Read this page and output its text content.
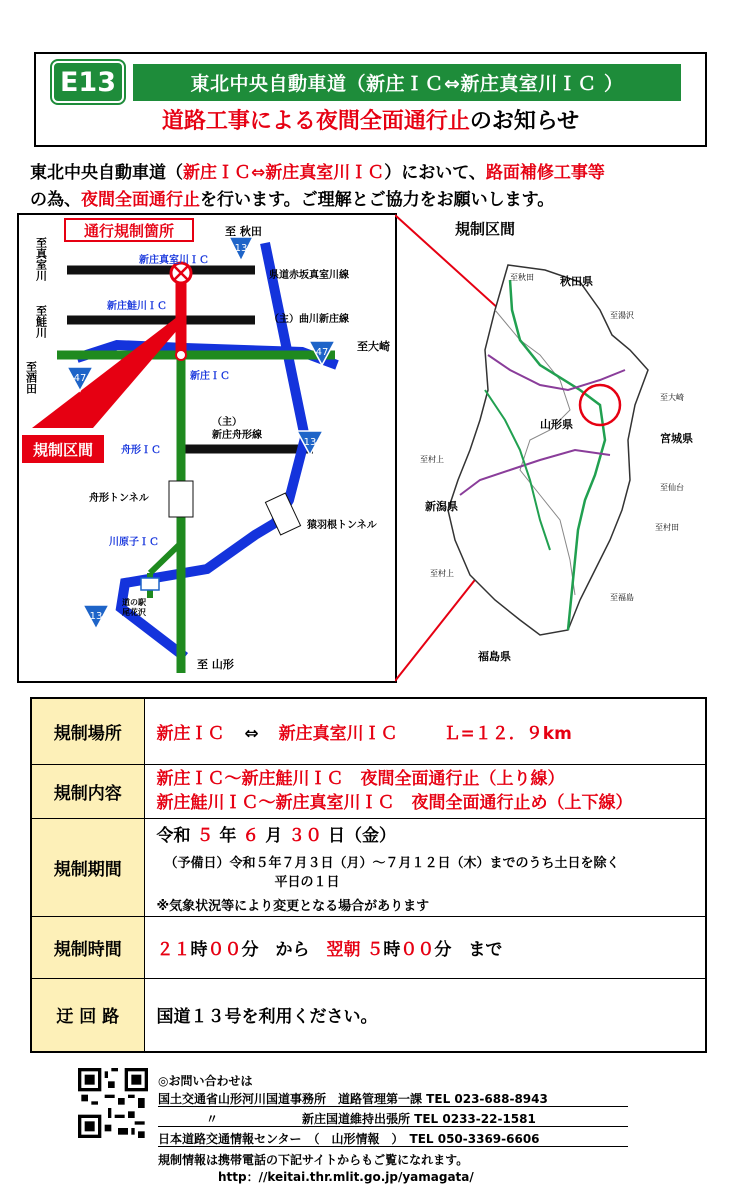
E13	東北中央自動車道（新庄ＩＣ⇔新庄真室川ＩＣ ）
道路工事による夜間全面通行止のお知らせ
東北中央自動車道（新庄ＩＣ⇔新庄真室川ＩＣ）において、路面補修工事等
の為、夜間全面通行止を行います。ご理解とご協力をお願いします。
通行規制箇所
規制区間
13
47
47
13
13
至 秋田
新庄真室川ＩＣ
県道赤坂真室川線
新庄鮭川ＩＣ
（主）曲川新庄線
新庄ＩＣ
（主）
新庄舟形線
舟形ＩＣ
舟形トンネル
猿羽根トンネル
川原子ＩＣ
道の駅
尾花沢
至 山形
至大崎
至真室川
至鮭川
至酒田
規制区間
秋田県
山形県
宮城県
新潟県
福島県
至秋田
至湯沢
至大崎
至仙台
至村田
至福島
至村上
至村上
規制場所	新庄ＩＣ ⇔ 新庄真室川ＩＣ Ｌ=１２．９km
規制内容	新庄ＩＣ～新庄鮭川ＩＣ　夜間全面通行止（上り線）
新庄鮭川ＩＣ～新庄真室川ＩＣ　夜間全面通行止め（上下線）

規制期間	令和 ５ 年 ６ 月 ３０ 日（金）
（予備日）令和５年７月３日（月）～７月１２日（木）までのうち土日を除く
平日の１日
※気象状況等により変更となる場合があります

規制時間	２１時００分　から　翌朝 ５時００分　まで
迂 回 路	国道１３号を利用ください。
◎お問い合わせは
国土交通省山形河川国道事務所　道路管理第一課 TEL 023-688-8943
　　　　〃　　　　　　　新庄国道維持出張所 TEL 0233-22-1581
日本道路交通情報センター　（　山形情報　）　TEL 050-3369-6606
規制情報は携帯電話の下記サイトからもご覧になれます。
http：//keitai.thr.mlit.go.jp/yamagata/
